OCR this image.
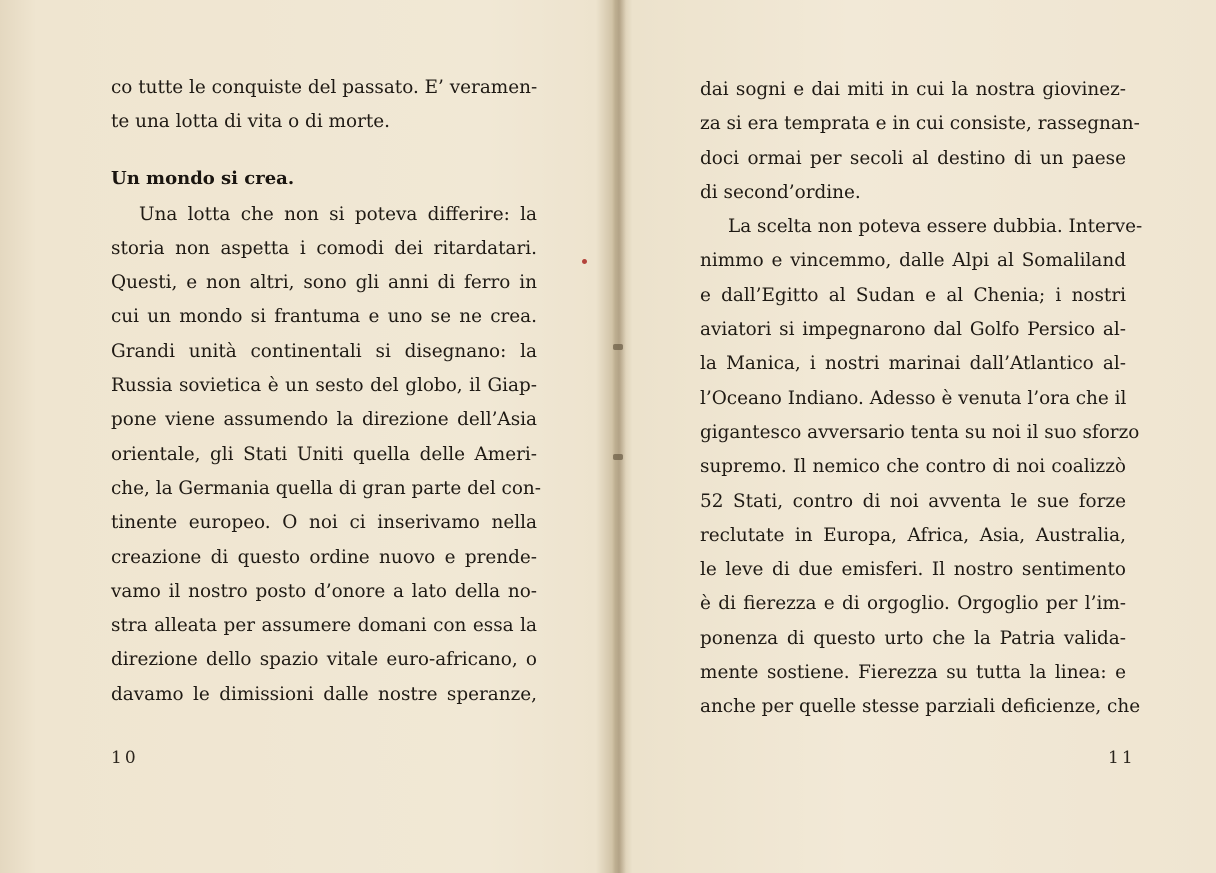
co tutte le conquiste del passato. E’ veramen-
te una lotta di vita o di morte.
Un mondo si crea.
Una lotta che non si poteva differire: la
storia non aspetta i comodi dei ritardatari.
Questi, e non altri, sono gli anni di ferro in
cui un mondo si frantuma e uno se ne crea.
Grandi unità continentali si disegnano: la
Russia sovietica è un sesto del globo, il Giap-
pone viene assumendo la direzione dell’Asia
orientale, gli Stati Uniti quella delle Ameri-
che, la Germania quella di gran parte del con-
tinente europeo. O noi ci inserivamo nella
creazione di questo ordine nuovo e prende-
vamo il nostro posto d’onore a lato della no-
stra alleata per assumere domani con essa la
direzione dello spazio vitale euro-africano, o
davamo le dimissioni dalle nostre speranze,
10
dai sogni e dai miti in cui la nostra giovinez-
za si era temprata e in cui consiste, rassegnan-
doci ormai per secoli al destino di un paese
di second’ordine.
La scelta non poteva essere dubbia. Interve-
nimmo e vincemmo, dalle Alpi al Somaliland
e dall’Egitto al Sudan e al Chenia; i nostri
aviatori si impegnarono dal Golfo Persico al-
la Manica, i nostri marinai dall’Atlantico al-
l’Oceano Indiano. Adesso è venuta l’ora che il
gigantesco avversario tenta su noi il suo sforzo
supremo. Il nemico che contro di noi coalizzò
52 Stati, contro di noi avventa le sue forze
reclutate in Europa, Africa, Asia, Australia,
le leve di due emisferi. Il nostro sentimento
è di fierezza e di orgoglio. Orgoglio per l’im-
ponenza di questo urto che la Patria valida-
mente sostiene. Fierezza su tutta la linea: e
anche per quelle stesse parziali deficienze, che
11
